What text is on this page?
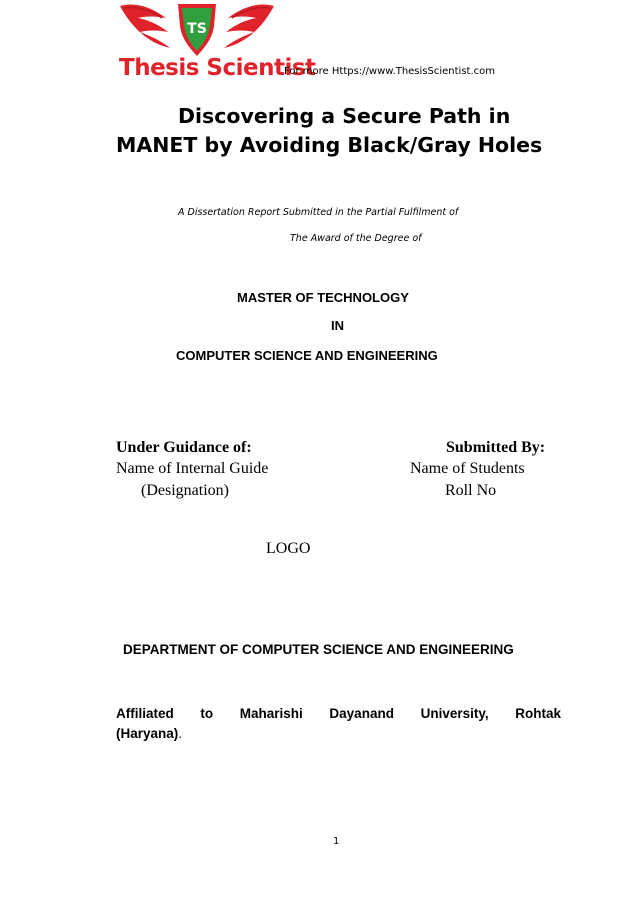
TS
Thesis Scientist
For more Https://www.ThesisScientist.com
Discovering a Secure Path in
MANET by Avoiding Black/Gray Holes
A Dissertation Report Submitted in the Partial Fulfilment of
The Award of the Degree of
MASTER OF TECHNOLOGY
IN
COMPUTER SCIENCE AND ENGINEERING
Under Guidance of:	Submitted By:
Name of Internal Guide	Name of Students
(Designation)	Roll No
LOGO
DEPARTMENT OF COMPUTER SCIENCE AND ENGINEERING
Affiliated to Maharishi Dayanand University, Rohtak
(Haryana).
1
